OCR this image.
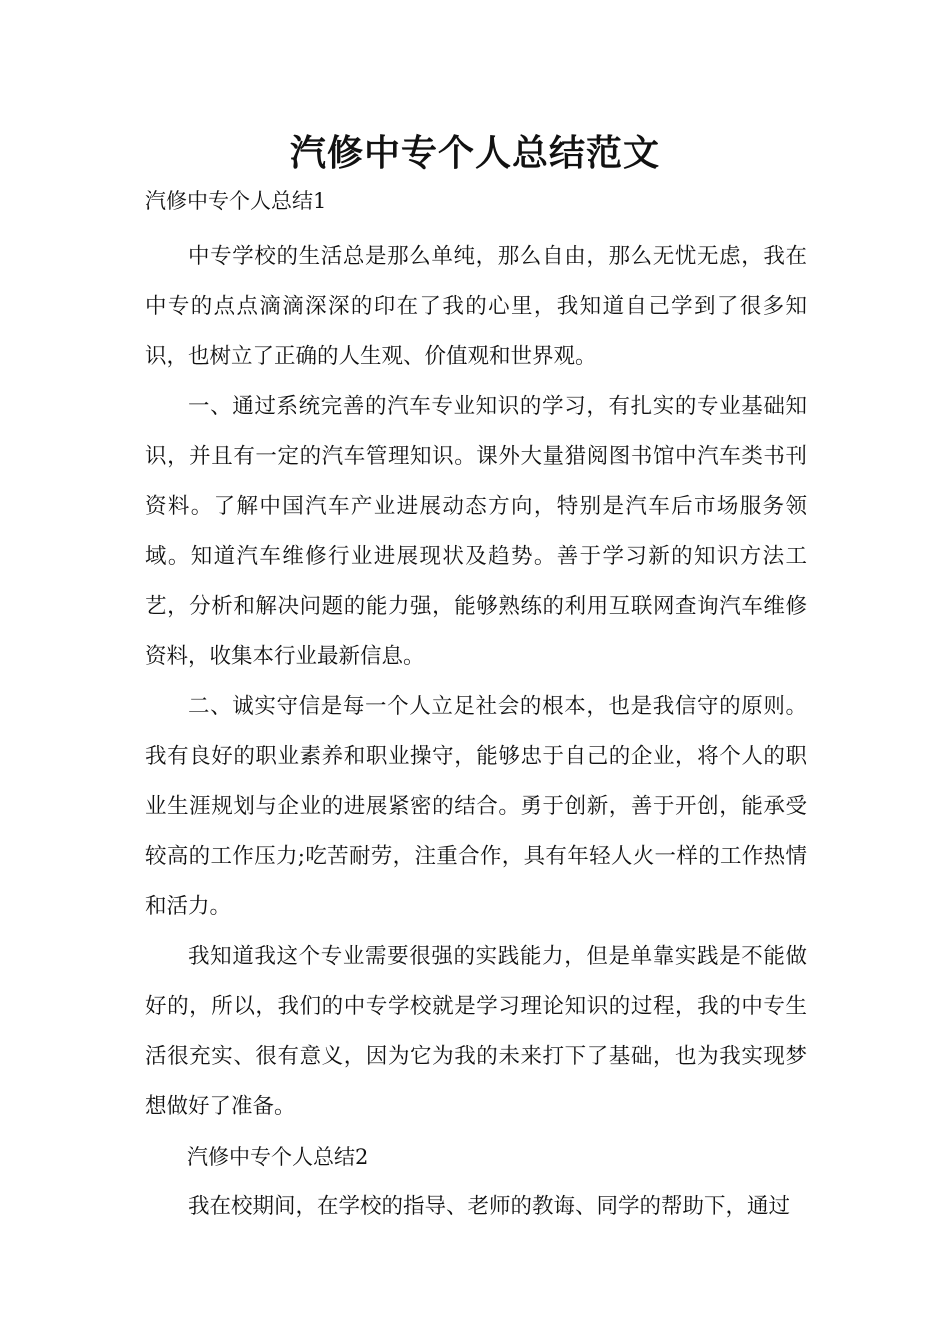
汽修中专个人总结范文

汽修中专个人总结1

中专学校的生活总是那么单纯，那么自由，那么无忧无虑，我在中专的点点滴滴深深的印在了我的心里，我知道自己学到了很多知识，也树立了正确的人生观、价值观和世界观。

一、通过系统完善的汽车专业知识的学习，有扎实的专业基础知识，并且有一定的汽车管理知识。课外大量猎阅图书馆中汽车类书刊资料。了解中国汽车产业进展动态方向，特别是汽车后市场服务领域。知道汽车维修行业进展现状及趋势。善于学习新的知识方法工艺，分析和解决问题的能力强，能够熟练的利用互联网查询汽车维修资料，收集本行业最新信息。

二、诚实守信是每一个人立足社会的根本，也是我信守的原则。我有良好的职业素养和职业操守，能够忠于自己的企业，将个人的职业生涯规划与企业的进展紧密的结合。勇于创新，善于开创，能承受较高的工作压力;吃苦耐劳，注重合作，具有年轻人火一样的工作热情和活力。

我知道我这个专业需要很强的实践能力，但是单靠实践是不能做好的，所以，我们的中专学校就是学习理论知识的过程，我的中专生活很充实、很有意义，因为它为我的未来打下了基础，也为我实现梦想做好了准备。

汽修中专个人总结2

我在校期间，在学校的指导、老师的教诲、同学的帮助下，通过
